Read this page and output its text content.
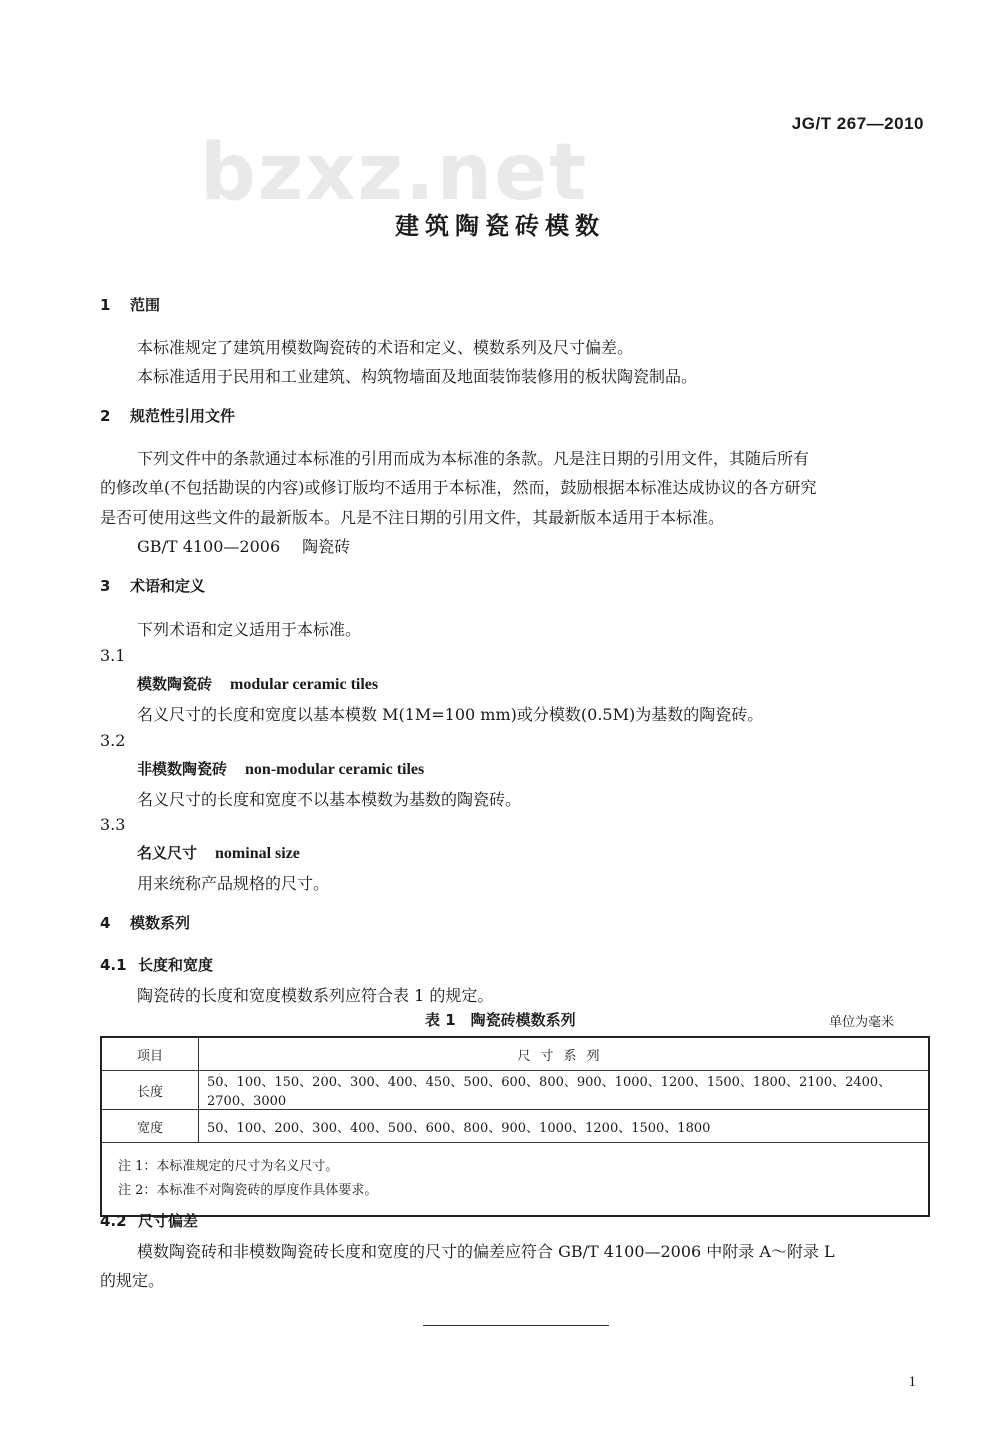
bzxz.net
JG/T 267—2010
建筑陶瓷砖模数
1 范围
本标准规定了建筑用模数陶瓷砖的术语和定义、模数系列及尺寸偏差。
本标准适用于民用和工业建筑、构筑物墙面及地面装饰装修用的板状陶瓷制品。
2 规范性引用文件
下列文件中的条款通过本标准的引用而成为本标准的条款。凡是注日期的引用文件，其随后所有
的修改单(不包括勘误的内容)或修订版均不适用于本标准，然而，鼓励根据本标准达成协议的各方研究
是否可使用这些文件的最新版本。凡是不注日期的引用文件，其最新版本适用于本标准。
GB/T 4100—2006 陶瓷砖
3 术语和定义
下列术语和定义适用于本标准。
3.1
模数陶瓷砖 modular ceramic tiles
名义尺寸的长度和宽度以基本模数 M(1M=100 mm)或分模数(0.5M)为基数的陶瓷砖。
3.2
非模数陶瓷砖 non-modular ceramic tiles
名义尺寸的长度和宽度不以基本模数为基数的陶瓷砖。
3.3
名义尺寸 nominal size
用来统称产品规格的尺寸。
4 模数系列
4.1 长度和宽度
陶瓷砖的长度和宽度模数系列应符合表 1 的规定。
表 1　陶瓷砖模数系列	单位为毫米
项目	尺寸系列
长度	50、100、150、200、300、400、450、500、600、800、900、1000、1200、1500、1800、2100、2400、2700、3000
宽度	50、100、200、300、400、500、600、800、900、1000、1200、1500、1800

注 1：本标准规定的尺寸为名义尺寸。
注 2：本标准不对陶瓷砖的厚度作具体要求。	
4.2 尺寸偏差
模数陶瓷砖和非模数陶瓷砖长度和宽度的尺寸的偏差应符合 GB/T 4100—2006 中附录 A～附录 L
的规定。
1
